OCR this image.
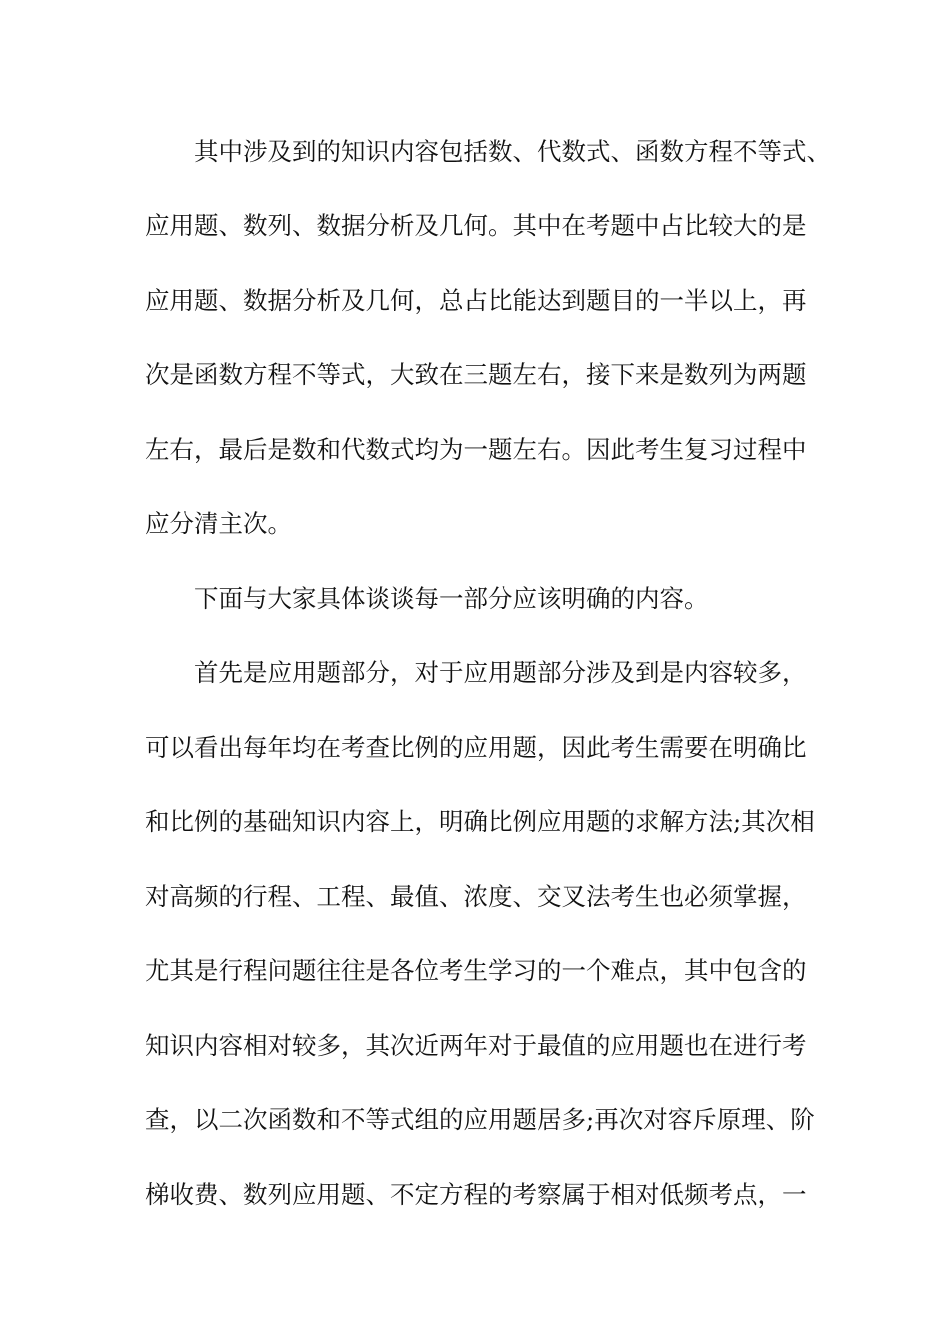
其中涉及到的知识内容包括数、代数式、函数方程不等式、
应用题、数列、数据分析及几何。其中在考题中占比较大的是
应用题、数据分析及几何，总占比能达到题目的一半以上，再
次是函数方程不等式，大致在三题左右，接下来是数列为两题
左右，最后是数和代数式均为一题左右。因此考生复习过程中
应分清主次。
下面与大家具体谈谈每一部分应该明确的内容。
首先是应用题部分，对于应用题部分涉及到是内容较多，
可以看出每年均在考查比例的应用题，因此考生需要在明确比
和比例的基础知识内容上，明确比例应用题的求解方法;其次相
对高频的行程、工程、最值、浓度、交叉法考生也必须掌握，
尤其是行程问题往往是各位考生学习的一个难点，其中包含的
知识内容相对较多，其次近两年对于最值的应用题也在进行考
查，以二次函数和不等式组的应用题居多;再次对容斥原理、阶
梯收费、数列应用题、不定方程的考察属于相对低频考点，一
